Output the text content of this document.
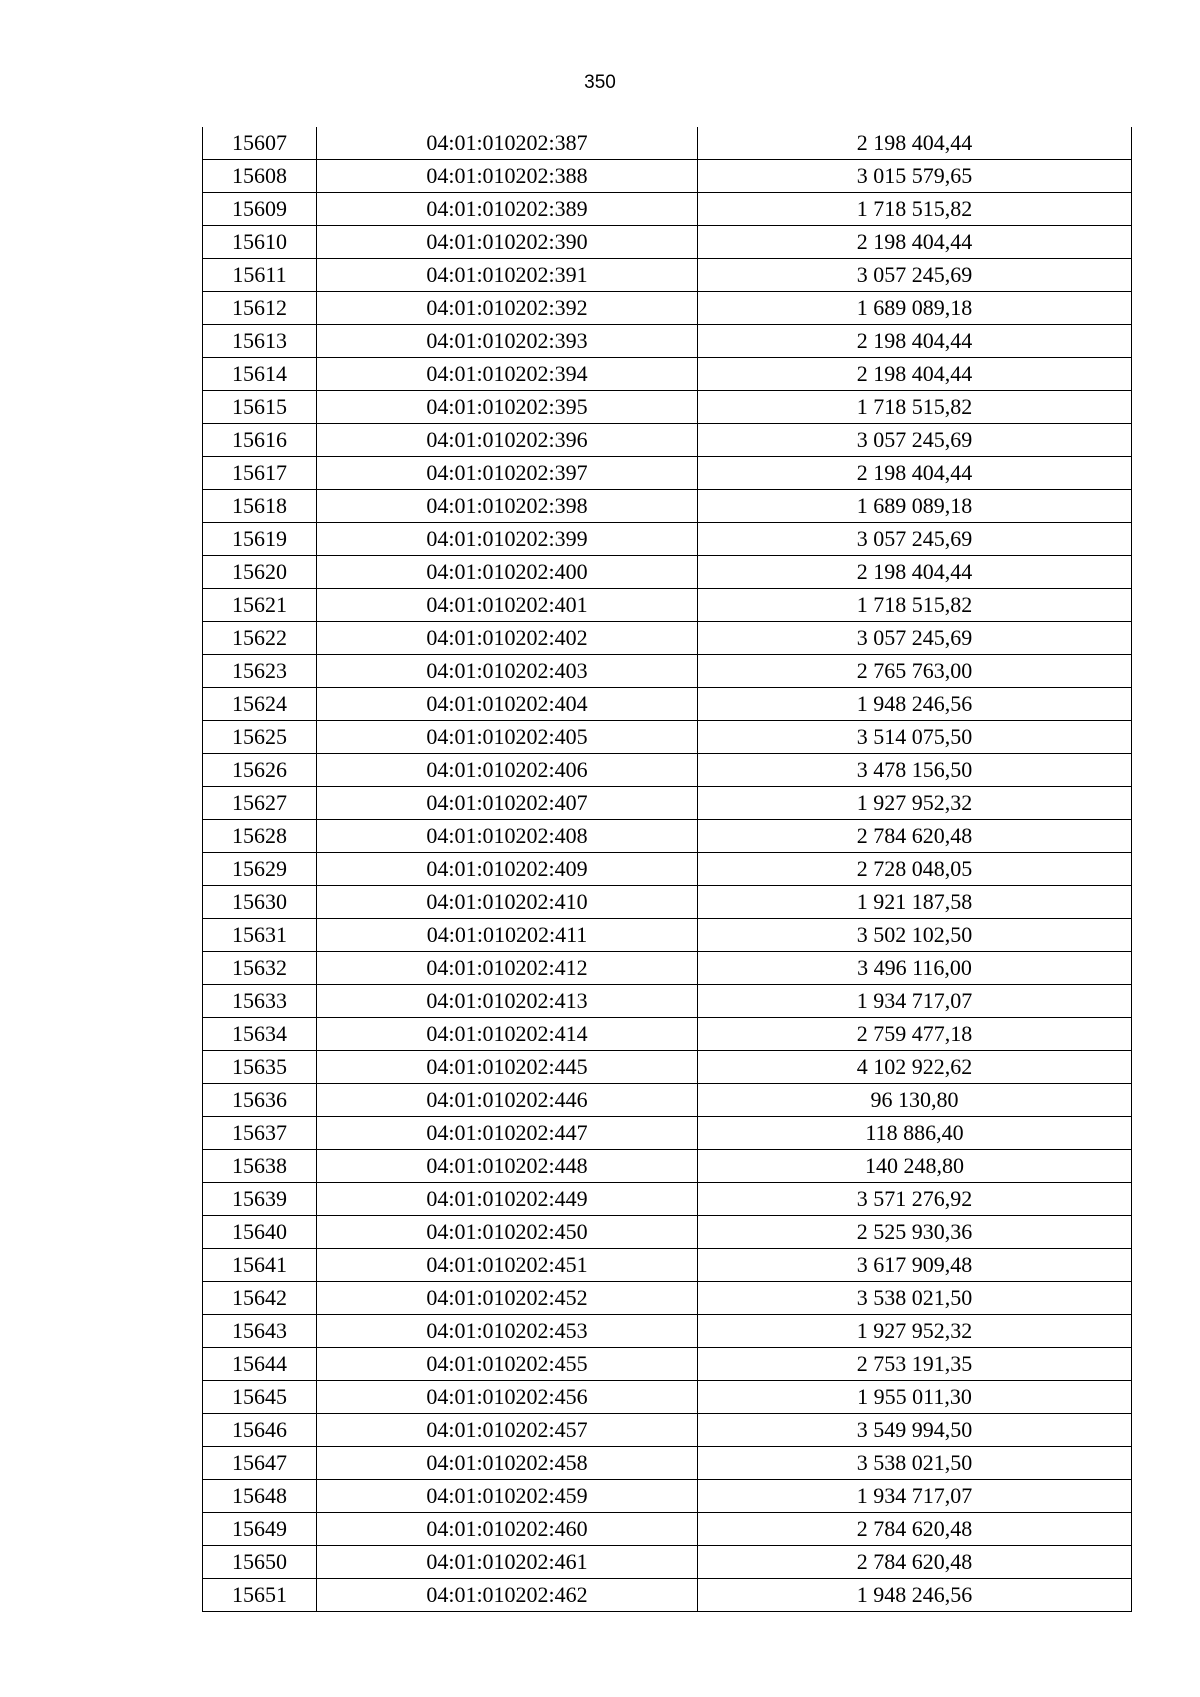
350
15607	04:01:010202:387	2 198 404,44
15608	04:01:010202:388	3 015 579,65
15609	04:01:010202:389	1 718 515,82
15610	04:01:010202:390	2 198 404,44
15611	04:01:010202:391	3 057 245,69
15612	04:01:010202:392	1 689 089,18
15613	04:01:010202:393	2 198 404,44
15614	04:01:010202:394	2 198 404,44
15615	04:01:010202:395	1 718 515,82
15616	04:01:010202:396	3 057 245,69
15617	04:01:010202:397	2 198 404,44
15618	04:01:010202:398	1 689 089,18
15619	04:01:010202:399	3 057 245,69
15620	04:01:010202:400	2 198 404,44
15621	04:01:010202:401	1 718 515,82
15622	04:01:010202:402	3 057 245,69
15623	04:01:010202:403	2 765 763,00
15624	04:01:010202:404	1 948 246,56
15625	04:01:010202:405	3 514 075,50
15626	04:01:010202:406	3 478 156,50
15627	04:01:010202:407	1 927 952,32
15628	04:01:010202:408	2 784 620,48
15629	04:01:010202:409	2 728 048,05
15630	04:01:010202:410	1 921 187,58
15631	04:01:010202:411	3 502 102,50
15632	04:01:010202:412	3 496 116,00
15633	04:01:010202:413	1 934 717,07
15634	04:01:010202:414	2 759 477,18
15635	04:01:010202:445	4 102 922,62
15636	04:01:010202:446	96 130,80
15637	04:01:010202:447	118 886,40
15638	04:01:010202:448	140 248,80
15639	04:01:010202:449	3 571 276,92
15640	04:01:010202:450	2 525 930,36
15641	04:01:010202:451	3 617 909,48
15642	04:01:010202:452	3 538 021,50
15643	04:01:010202:453	1 927 952,32
15644	04:01:010202:455	2 753 191,35
15645	04:01:010202:456	1 955 011,30
15646	04:01:010202:457	3 549 994,50
15647	04:01:010202:458	3 538 021,50
15648	04:01:010202:459	1 934 717,07
15649	04:01:010202:460	2 784 620,48
15650	04:01:010202:461	2 784 620,48
15651	04:01:010202:462	1 948 246,56
